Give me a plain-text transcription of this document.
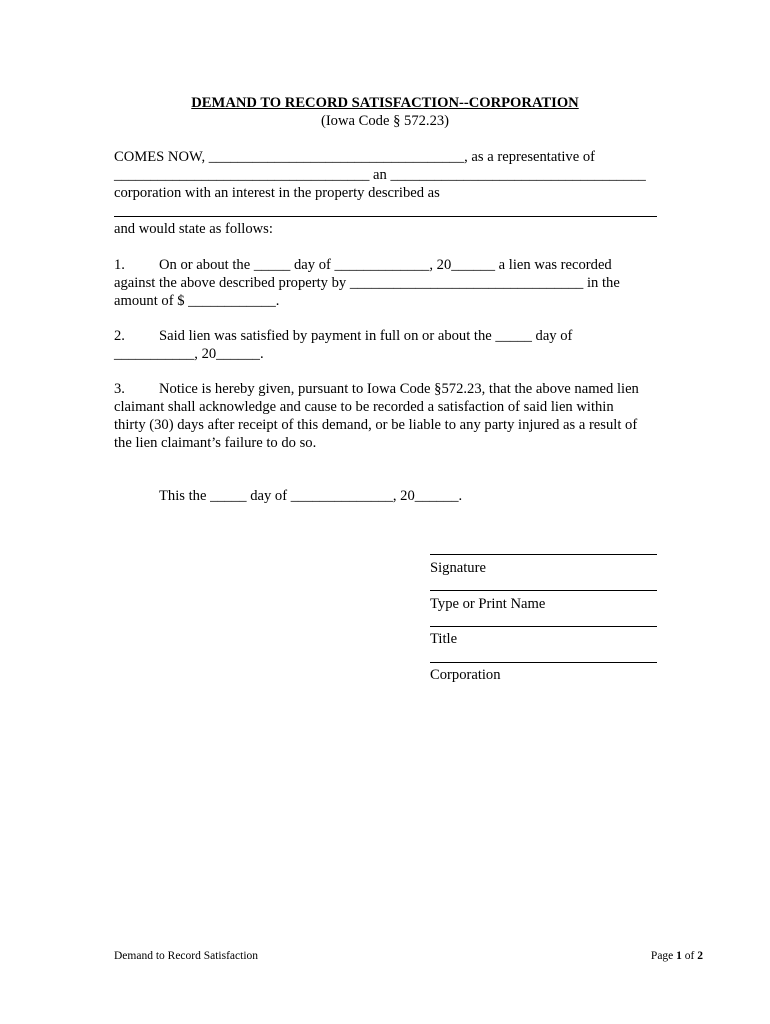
DEMAND TO RECORD SATISFACTION--CORPORATION
(Iowa Code § 572.23)
COMES NOW, ___________________________________, as a representative of
___________________________________ an ___________________________________
corporation with an interest in the property described as
and would state as follows:
1. On or about the _____ day of _____________, 20______ a lien was recorded
against the above described property by ________________________________ in the
amount of $ ____________.
2. Said lien was satisfied by payment in full on or about the _____ day of
___________, 20______.
3. Notice is hereby given, pursuant to Iowa Code §572.23, that the above named lien
claimant shall acknowledge and cause to be recorded a satisfaction of said lien within
thirty (30) days after receipt of this demand, or be liable to any party injured as a result of
the lien claimant’s failure to do so.
This the _____ day of ______________, 20______.
Signature
Type or Print Name
Title
Corporation
Demand to Record Satisfaction	Page 1 of 2
